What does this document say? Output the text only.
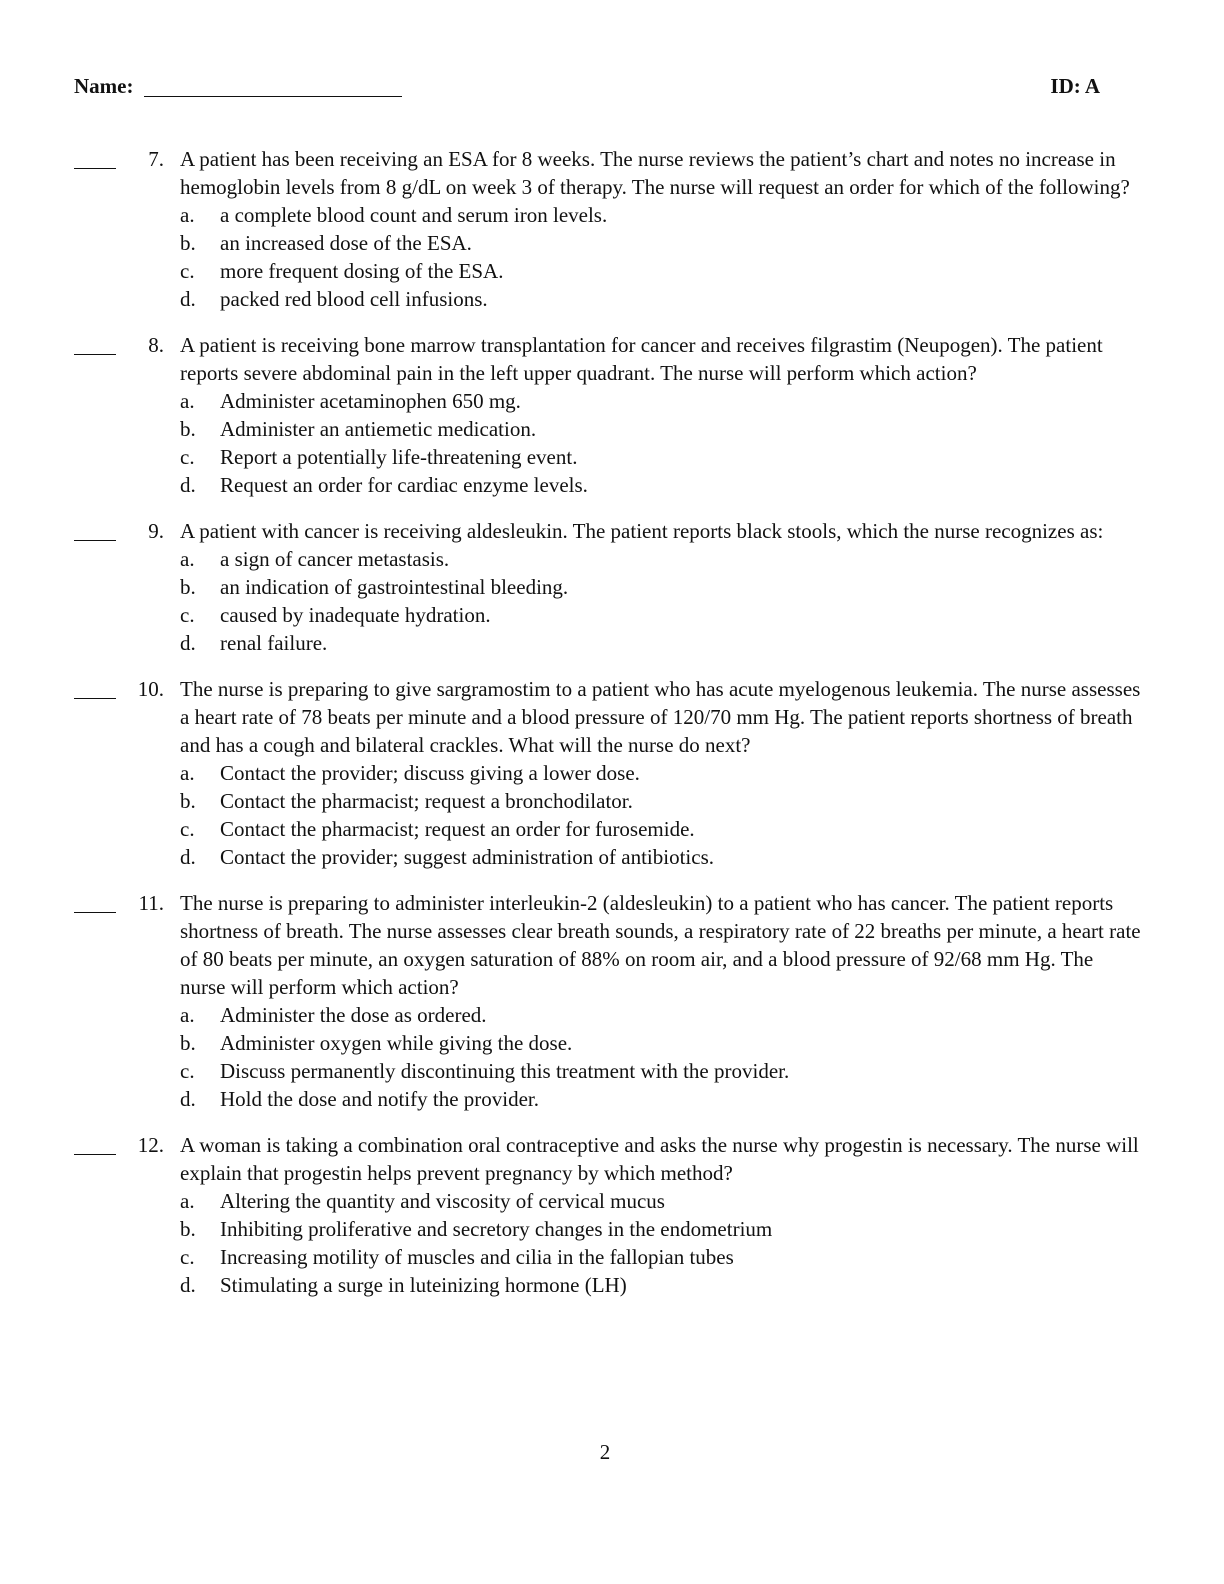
Name:	ID: A
7. A patient has been receiving an ESA for 8 weeks. The nurse reviews the patient’s chart and notes no increase in hemoglobin levels from 8 g/dL on week 3 of therapy. The nurse will request an order for which of the following?
a.	a complete blood count and serum iron levels.
b.	an increased dose of the ESA.
c.	more frequent dosing of the ESA.
d.	packed red blood cell infusions.
8. A patient is receiving bone marrow transplantation for cancer and receives filgrastim (Neupogen). The patient reports severe abdominal pain in the left upper quadrant. The nurse will perform which action?
a.	Administer acetaminophen 650 mg.
b.	Administer an antiemetic medication.
c.	Report a potentially life-threatening event.
d.	Request an order for cardiac enzyme levels.
9. A patient with cancer is receiving aldesleukin. The patient reports black stools, which the nurse recognizes as:
a.	a sign of cancer metastasis.
b.	an indication of gastrointestinal bleeding.
c.	caused by inadequate hydration.
d.	renal failure.
10. The nurse is preparing to give sargramostim to a patient who has acute myelogenous leukemia. The nurse assesses a heart rate of 78 beats per minute and a blood pressure of 120/70 mm Hg. The patient reports shortness of breath and has a cough and bilateral crackles. What will the nurse do next?
a.	Contact the provider; discuss giving a lower dose.
b.	Contact the pharmacist; request a bronchodilator.
c.	Contact the pharmacist; request an order for furosemide.
d.	Contact the provider; suggest administration of antibiotics.
11. The nurse is preparing to administer interleukin-2 (aldesleukin) to a patient who has cancer. The patient reports shortness of breath. The nurse assesses clear breath sounds, a respiratory rate of 22 breaths per minute, a heart rate of 80 beats per minute, an oxygen saturation of 88% on room air, and a blood pressure of 92/68 mm Hg. The nurse will perform which action?
a.	Administer the dose as ordered.
b.	Administer oxygen while giving the dose.
c.	Discuss permanently discontinuing this treatment with the provider.
d.	Hold the dose and notify the provider.
12. A woman is taking a combination oral contraceptive and asks the nurse why progestin is necessary. The nurse will explain that progestin helps prevent pregnancy by which method?
a.	Altering the quantity and viscosity of cervical mucus
b.	Inhibiting proliferative and secretory changes in the endometrium
c.	Increasing motility of muscles and cilia in the fallopian tubes
d.	Stimulating a surge in luteinizing hormone (LH)
2
